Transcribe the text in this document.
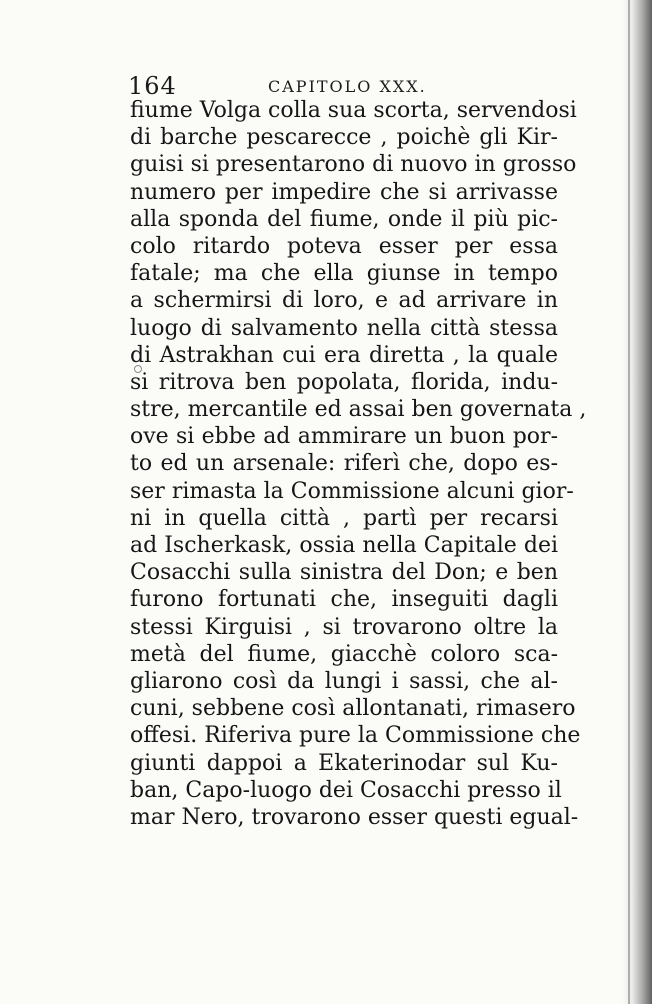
164	CAPITOLO XXX.
fiume Volga colla sua scorta, servendosi
di barche pescarecce , poichè gli Kir-
guisi si presentarono di nuovo in grosso
numero per impedire che si arrivasse
alla sponda del fiume, onde il più pic-
colo ritardo poteva esser per essa
fatale; ma che ella giunse in tempo
a schermirsi di loro, e ad arrivare in
luogo di salvamento nella città stessa
di Astrakhan cui era diretta , la quale
si ritrova ben popolata, florida, indu-
stre, mercantile ed assai ben governata ,
ove si ebbe ad ammirare un buon por-
to ed un arsenale: riferì che, dopo es-
ser rimasta la Commissione alcuni gior-
ni in quella città , partì per recarsi
ad Ischerkask, ossia nella Capitale dei
Cosacchi sulla sinistra del Don; e ben
furono fortunati che, inseguiti dagli
stessi Kirguisi , si trovarono oltre la
metà del fiume, giacchè coloro sca-
gliarono così da lungi i sassi, che al-
cuni, sebbene così allontanati, rimasero
offesi. Riferiva pure la Commissione che
giunti dappoi a Ekaterinodar sul Ku-
ban, Capo-luogo dei Cosacchi presso il
mar Nero, trovarono esser questi egual-
